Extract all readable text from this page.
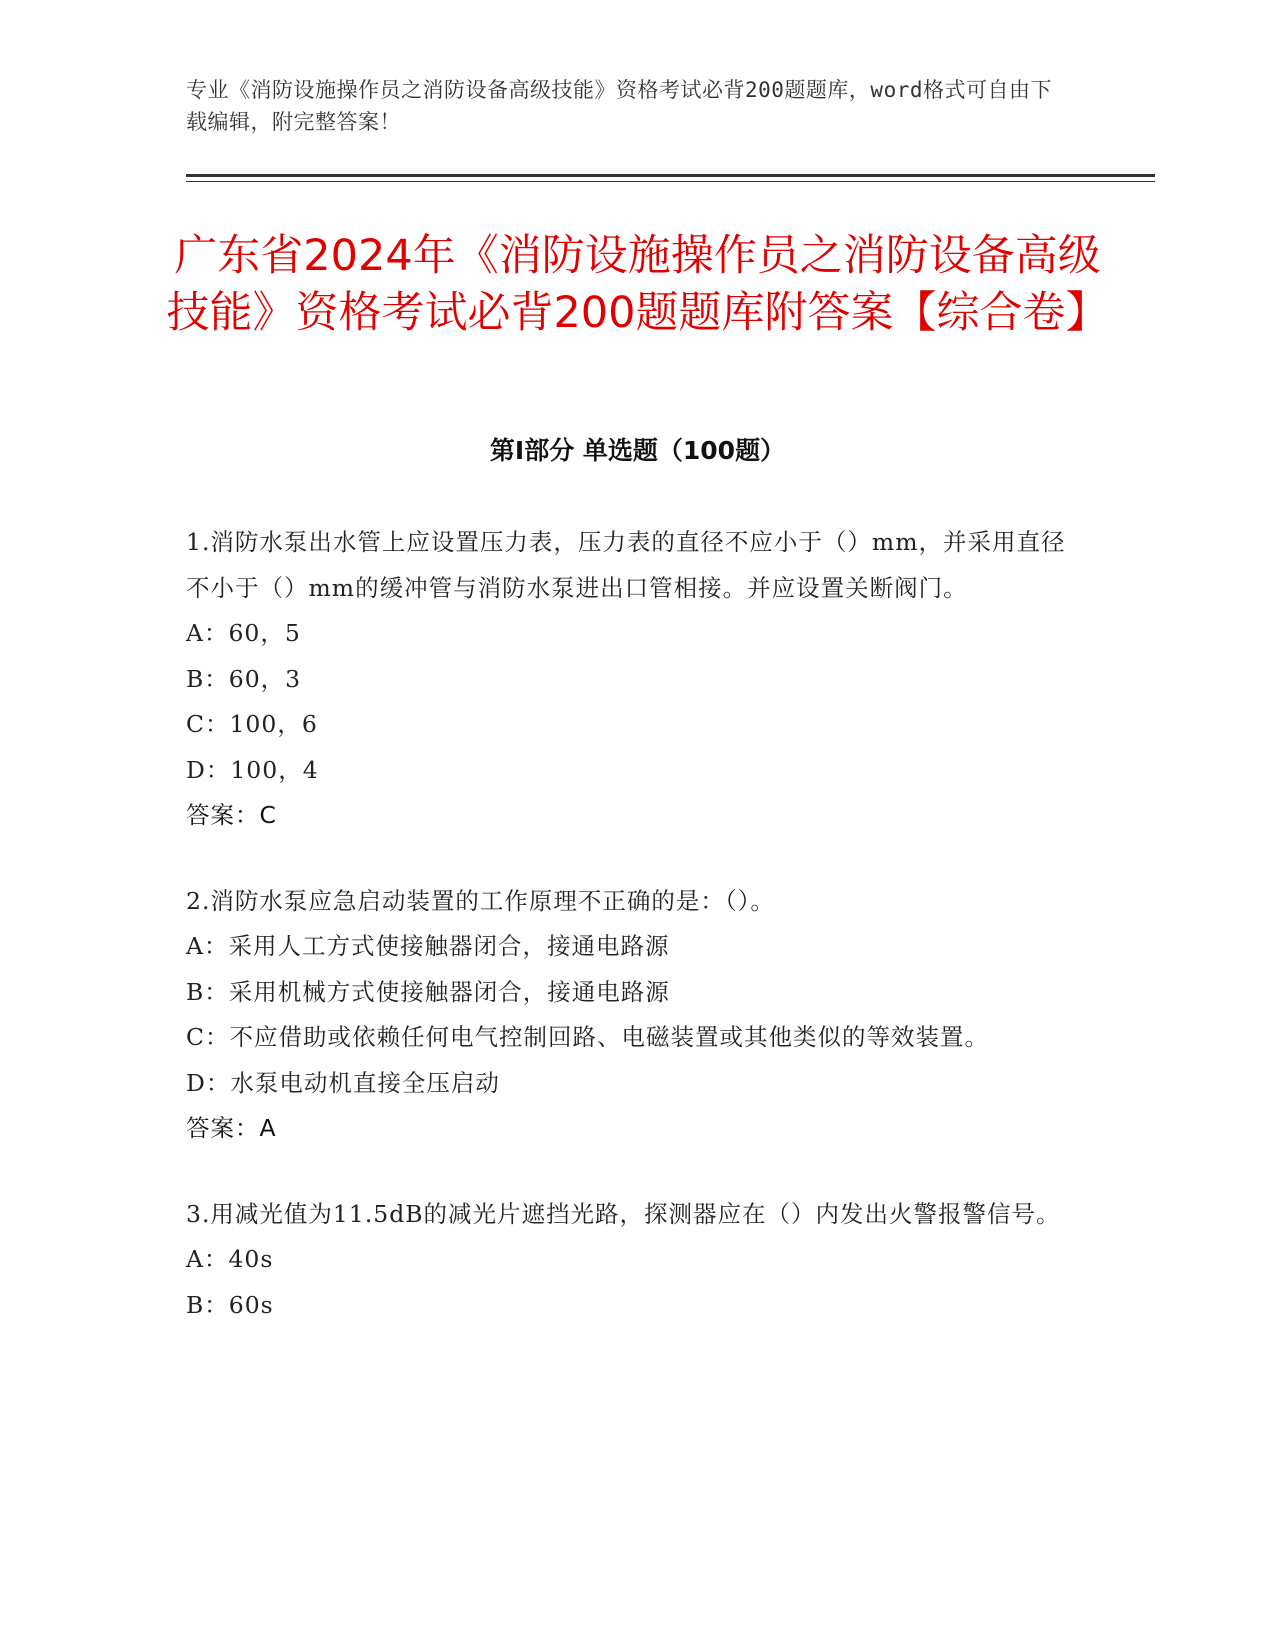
专业《消防设施操作员之消防设备高级技能》资格考试必背200题题库，word格式可自由下载编辑，附完整答案！
广东省2024年《消防设施操作员之消防设备高级技能》资格考试必背200题题库附答案【综合卷】
第I部分 单选题（100题）
1.消防水泵出水管上应设置压力表，压力表的直径不应小于（）mm，并采用直径不小于（）mm的缓冲管与消防水泵进出口管相接。并应设置关断阀门。
A：60，5
B：60，3
C：100，6
D：100，4
答案：C
2.消防水泵应急启动装置的工作原理不正确的是：（）。
A：采用人工方式使接触器闭合，接通电路源
B：采用机械方式使接触器闭合，接通电路源
C：不应借助或依赖任何电气控制回路、电磁装置或其他类似的等效装置。
D：水泵电动机直接全压启动
答案：A
3.用减光值为11.5dB的减光片遮挡光路，探测器应在（）内发出火警报警信号。
A：40s
B：60s
